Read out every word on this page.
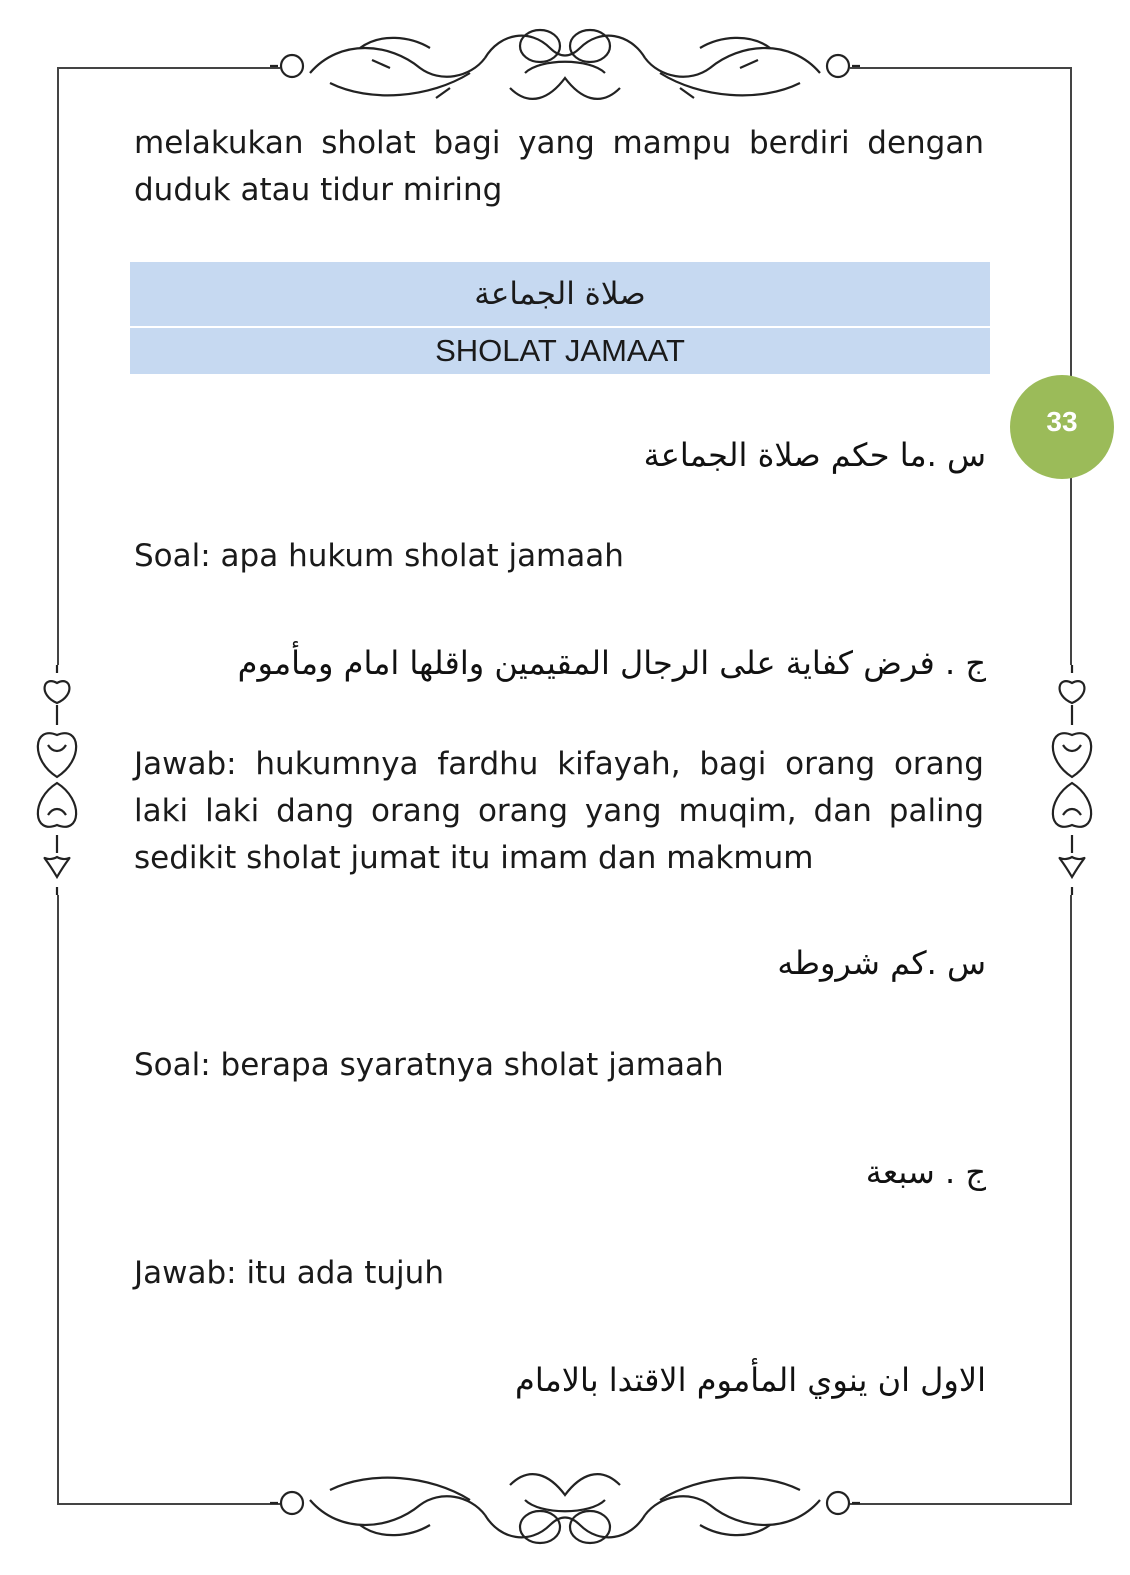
33
melakukan sholat bagi yang mampu berdiri dengan duduk atau tidur miring
صلاة الجماعة
SHOLAT JAMAAT
س .ما حكم صلاة الجماعة
Soal: apa hukum sholat jamaah
ج . فرض كفاية على الرجال المقيمين واقلها امام ومأموم
Jawab: hukumnya fardhu kifayah, bagi orang orang laki laki dang orang orang yang muqim, dan paling sedikit sholat jumat itu imam dan makmum
س .كم شروطه
Soal: berapa syaratnya sholat jamaah
ج . سبعة
Jawab: itu ada tujuh
الاول ان ينوي المأموم الاقتدا بالامام
